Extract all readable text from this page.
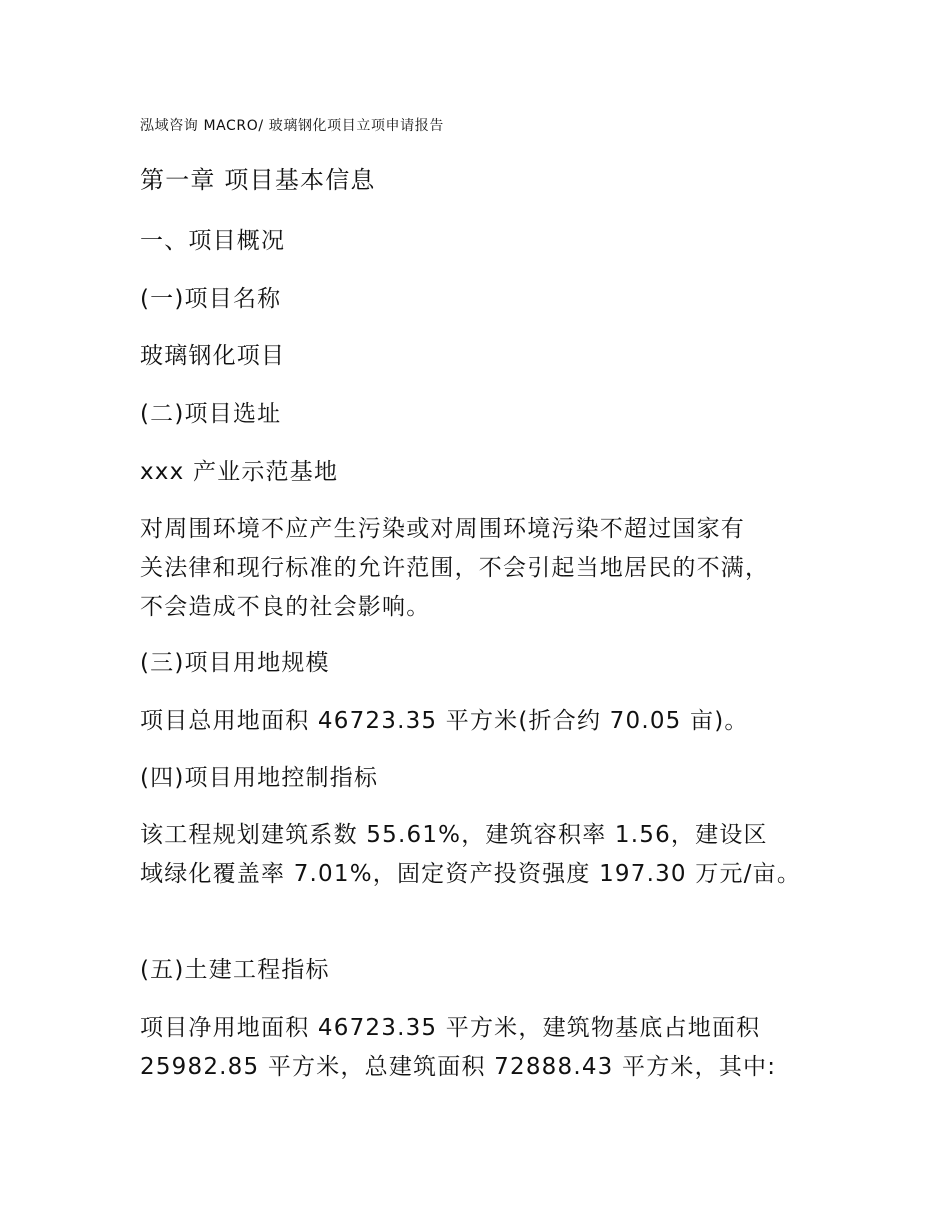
泓域咨询 MACRO/ 玻璃钢化项目立项申请报告
第一章 项目基本信息
一、项目概况
(一)项目名称
玻璃钢化项目
(二)项目选址
xxx 产业示范基地
对周围环境不应产生污染或对周围环境污染不超过国家有
关法律和现行标准的允许范围，不会引起当地居民的不满，
不会造成不良的社会影响。
(三)项目用地规模
项目总用地面积 46723.35 平方米(折合约 70.05 亩)。
(四)项目用地控制指标
该工程规划建筑系数 55.61%，建筑容积率 1.56，建设区
域绿化覆盖率 7.01%，固定资产投资强度 197.30 万元/亩。
(五)土建工程指标
项目净用地面积 46723.35 平方米，建筑物基底占地面积
25982.85 平方米，总建筑面积 72888.43 平方米，其中:
